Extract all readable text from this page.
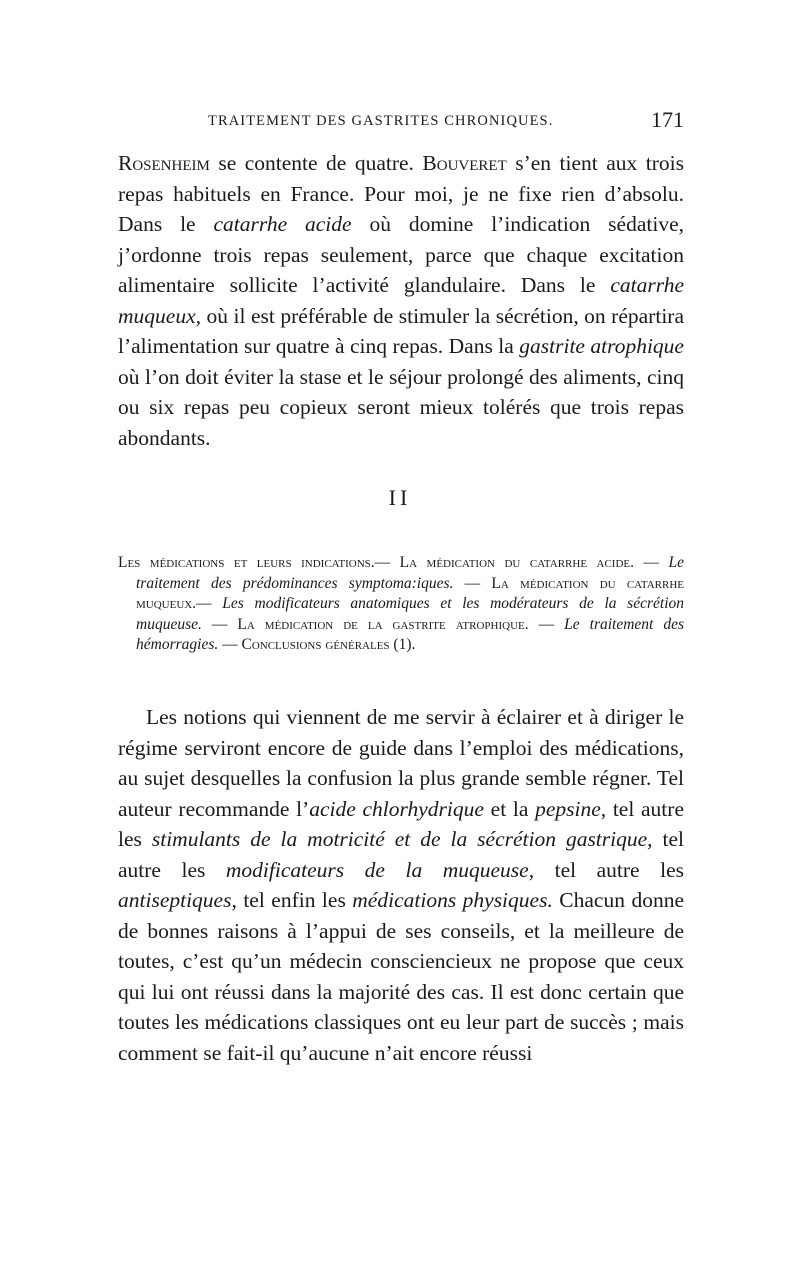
TRAITEMENT DES GASTRITES CHRONIQUES.	171
Rosenheim se contente de quatre. Bouveret s’en tient aux trois repas habituels en France. Pour moi, je ne fixe rien d’absolu. Dans le catarrhe acide où domine l’indication sédative, j’ordonne trois repas seulement, parce que chaque excitation alimentaire sollicite l’activité glandulaire. Dans le catarrhe muqueux, où il est préférable de stimuler la sécrétion, on répartira l’alimentation sur quatre à cinq repas. Dans la gastrite atrophique où l’on doit éviter la stase et le séjour prolongé des aliments, cinq ou six repas peu copieux seront mieux tolérés que trois repas abondants.
II
Les médications et leurs indications.— La médication du catarrhe acide. — Le traitement des prédominances symptoma:iques. — La médication du catarrhe muqueux.— Les modificateurs anatomiques et les modérateurs de la sécrétion muqueuse. — La médication de la gastrite atrophique. — Le traitement des hémorragies. — Conclusions générales (1).
Les notions qui viennent de me servir à éclairer et à diriger le régime serviront encore de guide dans l’emploi des médications, au sujet desquelles la confusion la plus grande semble régner. Tel auteur recommande l’acide chlorhydrique et la pepsine, tel autre les stimulants de la motricité et de la sécrétion gastrique, tel autre les modificateurs de la muqueuse, tel autre les antiseptiques, tel enfin les médications physiques. Chacun donne de bonnes raisons à l’appui de ses conseils, et la meilleure de toutes, c’est qu’un médecin consciencieux ne propose que ceux qui lui ont réussi dans la majorité des cas. Il est donc certain que toutes les médications classiques ont eu leur part de succès ; mais comment se fait-il qu’aucune n’ait encore réussi
